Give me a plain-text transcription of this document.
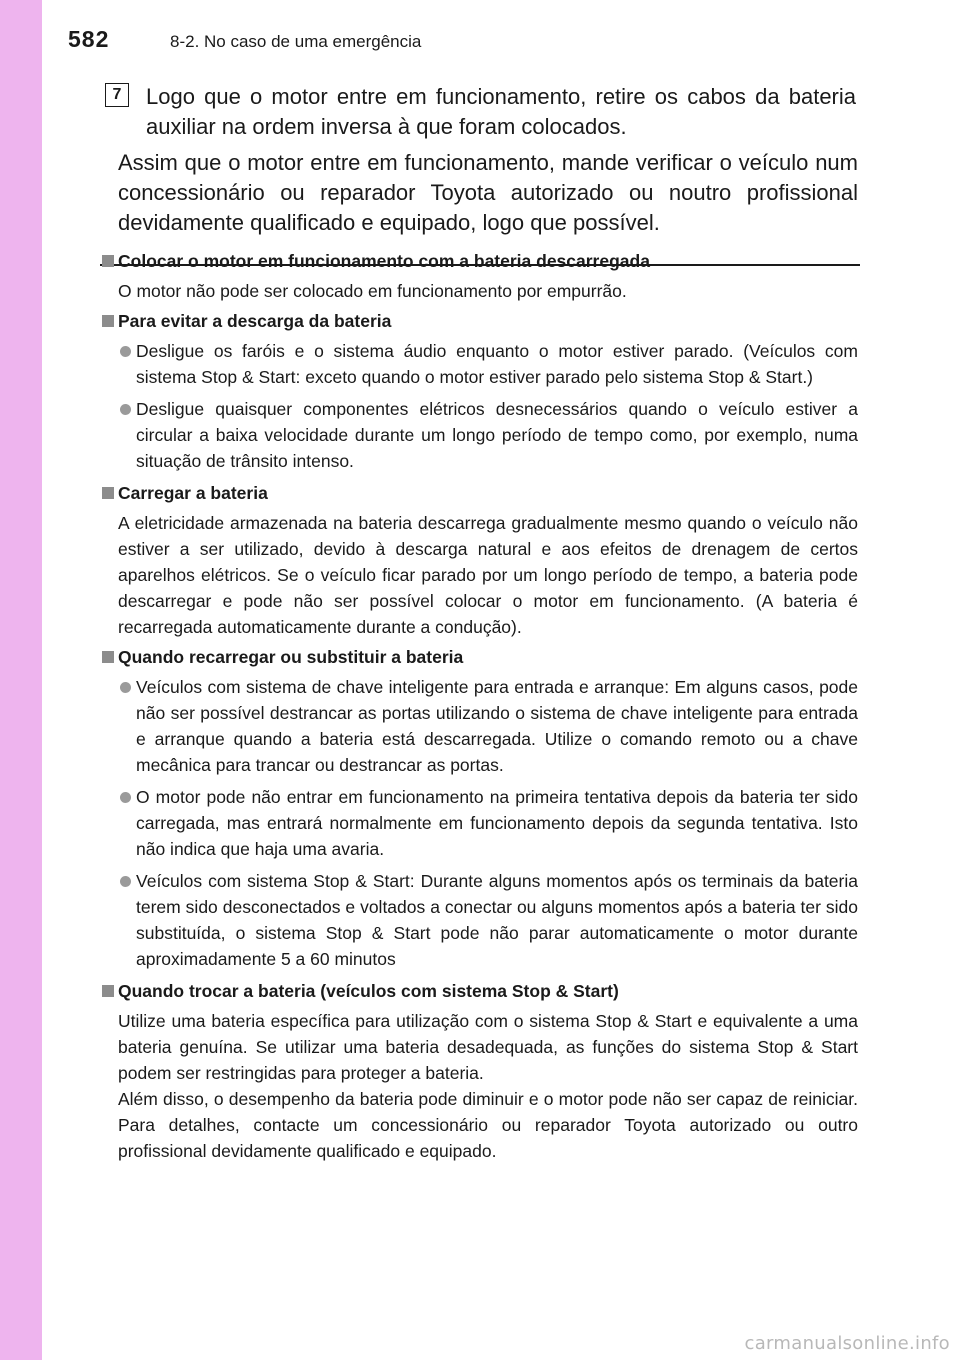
582	8-2. No caso de uma emergência
7	Logo que o motor entre em funcionamento, retire os cabos da bateria auxiliar na ordem inversa à que foram colocados.
Assim que o motor entre em funcionamento, mande verificar o veículo num concessionário ou reparador Toyota autorizado ou noutro profissional devidamente qualificado e equipado, logo que possível.
Colocar o motor em funcionamento com a bateria descarregada
O motor não pode ser colocado em funcionamento por empurrão.
Para evitar a descarga da bateria
Desligue os faróis e o sistema áudio enquanto o motor estiver parado. (Veículos com sistema Stop & Start: exceto quando o motor estiver parado pelo sistema Stop & Start.)
Desligue quaisquer componentes elétricos desnecessários quando o veículo estiver a circular a baixa velocidade durante um longo período de tempo como, por exemplo, numa situação de trânsito intenso.
Carregar a bateria
A eletricidade armazenada na bateria descarrega gradualmente mesmo quando o veículo não estiver a ser utilizado, devido à descarga natural e aos efeitos de drenagem de certos aparelhos elétricos. Se o veículo ficar parado por um longo período de tempo, a bateria pode descarregar e pode não ser possível colocar o motor em funcionamento. (A bateria é recarregada automaticamente durante a condução).
Quando recarregar ou substituir a bateria
Veículos com sistema de chave inteligente para entrada e arranque: Em alguns casos, pode não ser possível destrancar as portas utilizando o sistema de chave inteligente para entrada e arranque quando a bateria está descarregada. Utilize o comando remoto ou a chave mecânica para trancar ou destrancar as portas.
O motor pode não entrar em funcionamento na primeira tentativa depois da bateria ter sido carregada, mas entrará normalmente em funcionamento depois da segunda tentativa. Isto não indica que haja uma avaria.
Veículos com sistema Stop & Start: Durante alguns momentos após os terminais da bateria terem sido desconectados e voltados a conectar ou alguns momentos após a bateria ter sido substituída, o sistema Stop & Start pode não parar automaticamente o motor durante aproximadamente 5 a 60 minutos
Quando trocar a bateria (veículos com sistema Stop & Start)
Utilize uma bateria específica para utilização com o sistema Stop & Start e equivalente a uma bateria genuína. Se utilizar uma bateria desadequada, as funções do sistema Stop & Start podem ser restringidas para proteger a bateria.
Além disso, o desempenho da bateria pode diminuir e o motor pode não ser capaz de reiniciar. Para detalhes, contacte um concessionário ou reparador Toyota autorizado ou outro profissional devidamente qualificado e equipado.
carmanualsonline.info
